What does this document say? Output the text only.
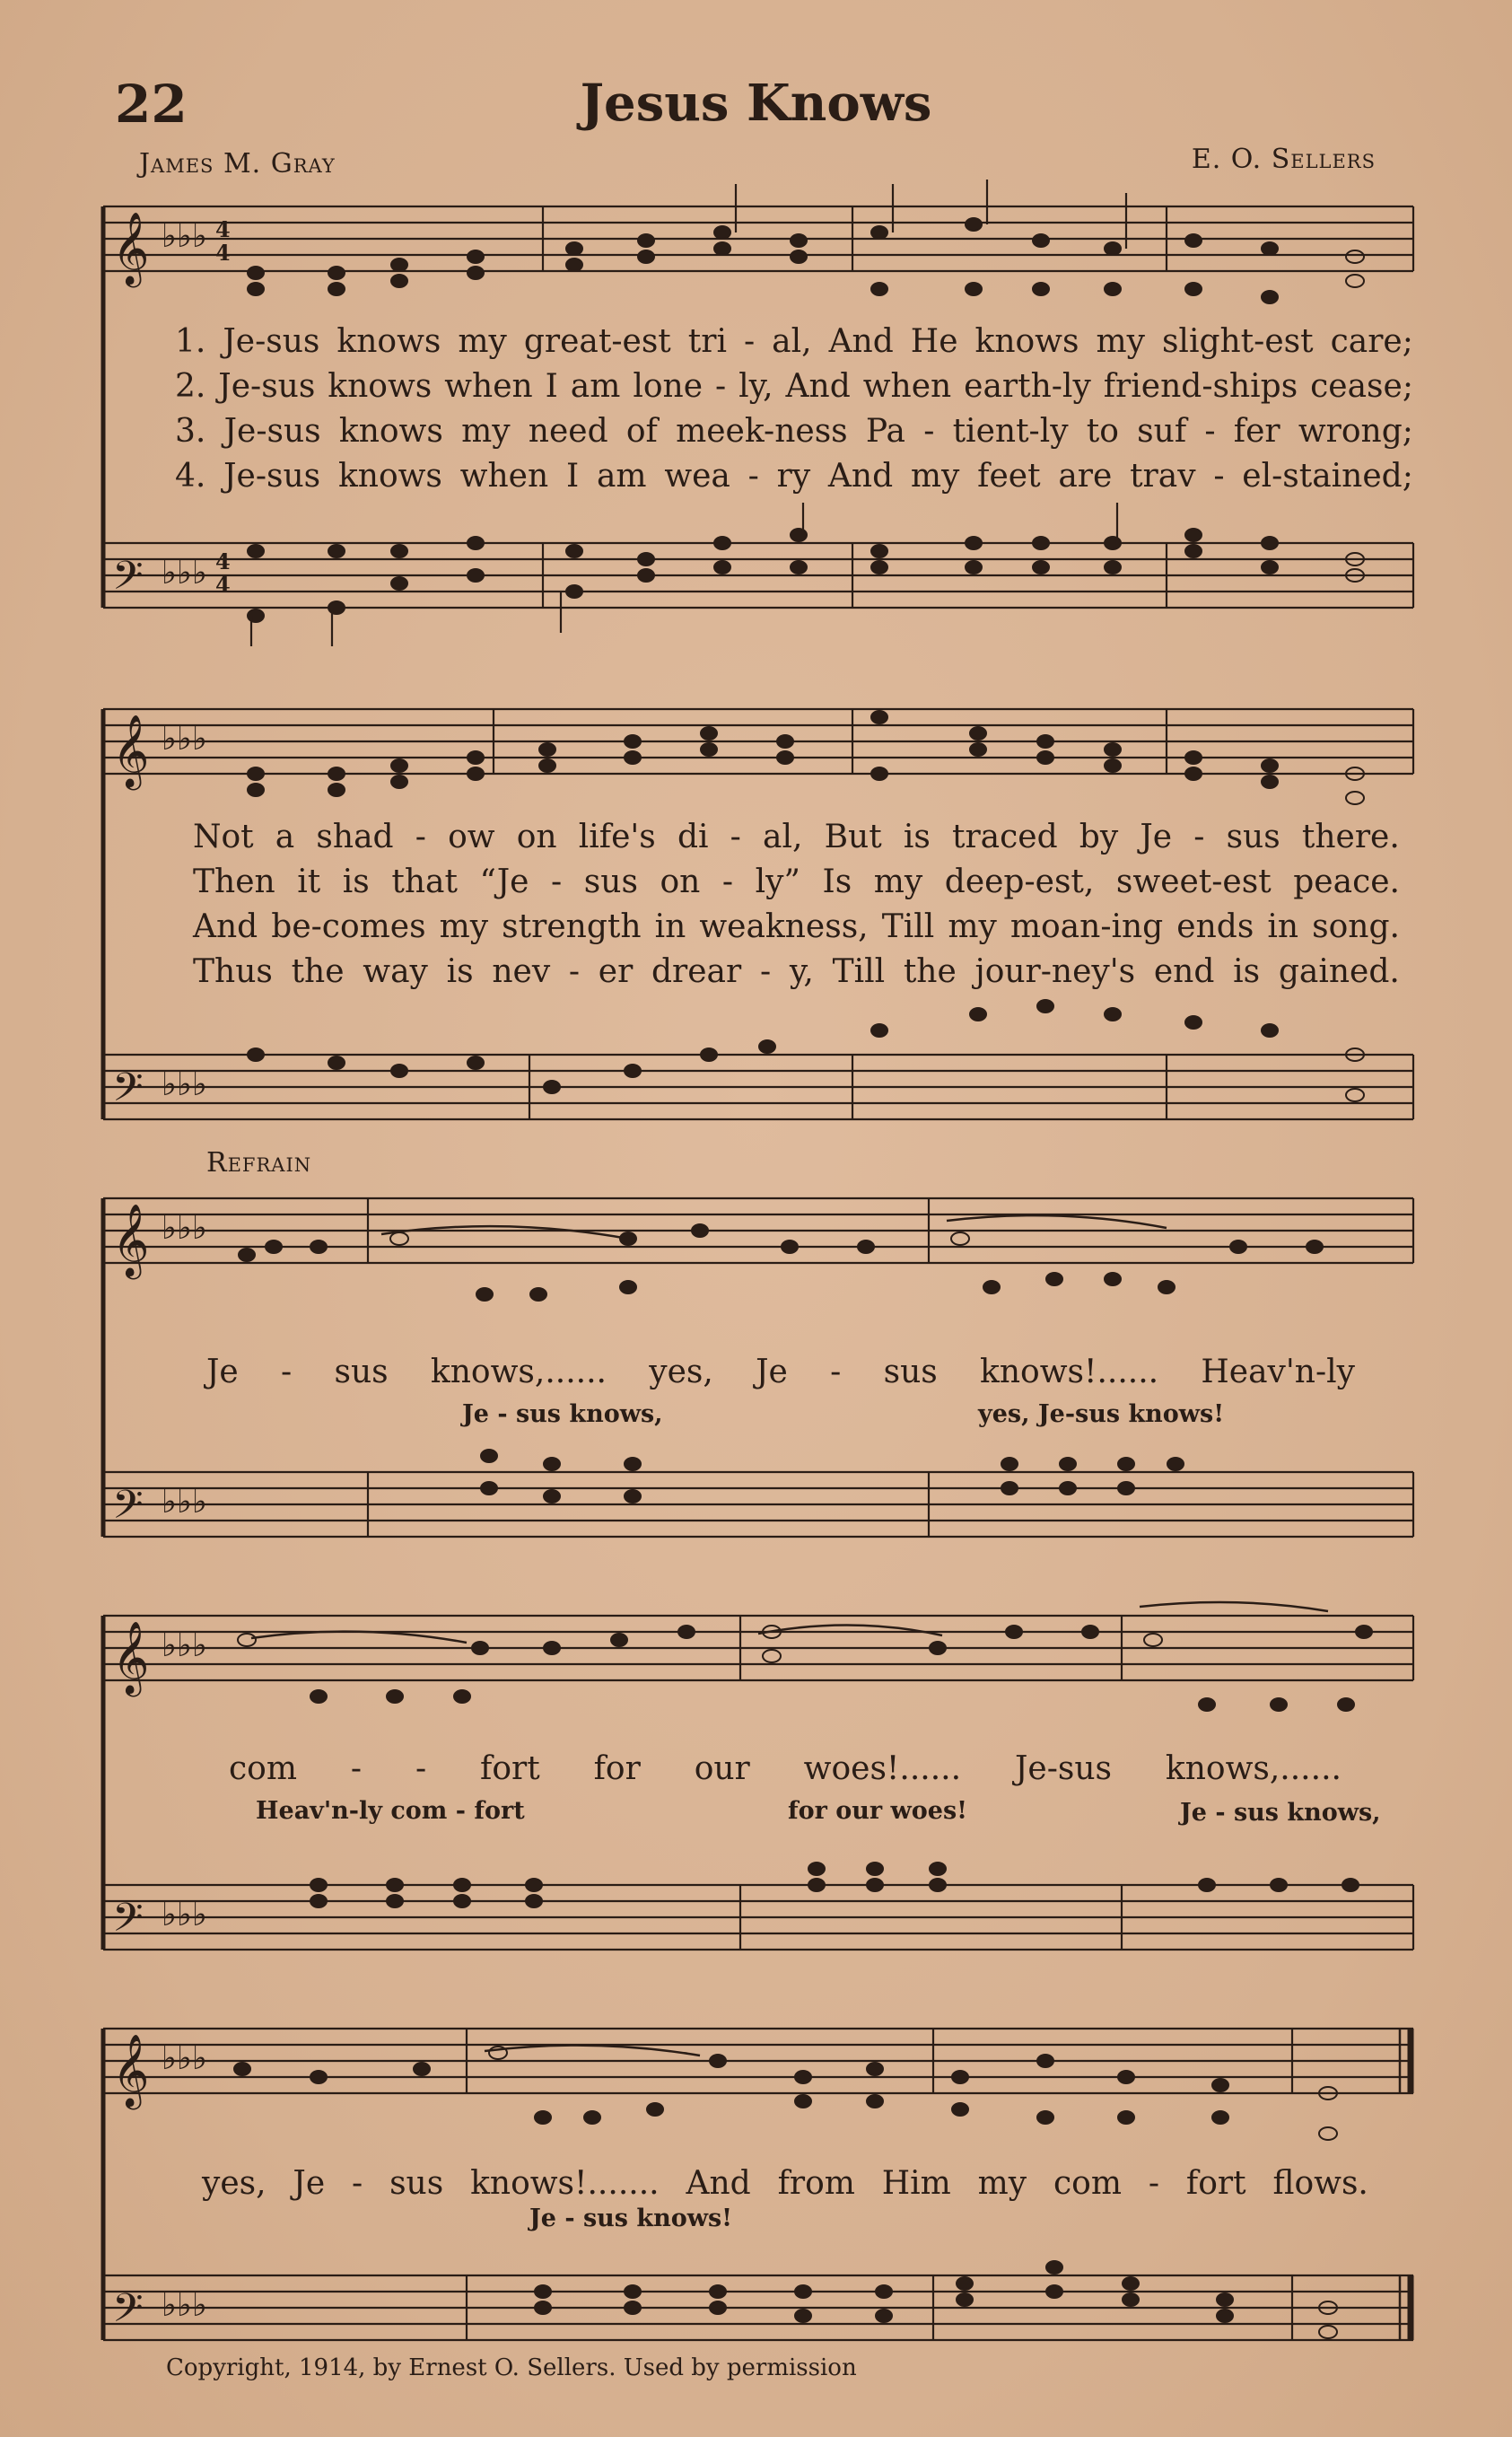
22	Jesus Knows
James M. Gray	E. O. Sellers
𝄞 ♭♭♭ 4
4
𝄢 ♭♭♭ 4
4
1. Je-sus knows my great-est tri - al, And He knows my slight-est care;
2. Je-sus knows when I am lone - ly, And when earth-ly friend-ships cease;
3. Je-sus knows my need of meek-ness Pa - tient-ly to suf - fer wrong;
4. Je-sus knows when I am wea - ry And my feet are trav - el-stained;
𝄞 ♭♭♭
𝄢 ♭♭♭
Not a shad - ow on life's di - al, But is traced by Je - sus there.
Then it is that “Je - sus on - ly” Is my deep-est, sweet-est peace.
And be-comes my strength in weakness, Till my moan-ing ends in song.
Thus the way is nev - er drear - y, Till the jour-ney's end is gained.
Refrain
𝄞 ♭♭♭
𝄢 ♭♭♭
Je - sus knows,...... yes, Je - sus knows!...... Heav'n-ly
Je - sus knows,	yes, Je-sus knows!
𝄞 ♭♭♭
𝄢 ♭♭♭
com - - fort for our woes!...... Je-sus knows,......
Heav'n-ly com - fort	for our woes!	Je - sus knows,
𝄞 ♭♭♭
𝄢 ♭♭♭
yes, Je - sus knows!....... And from Him my com - fort flows.
Je - sus knows!
Copyright, 1914, by Ernest O. Sellers. Used by permission
